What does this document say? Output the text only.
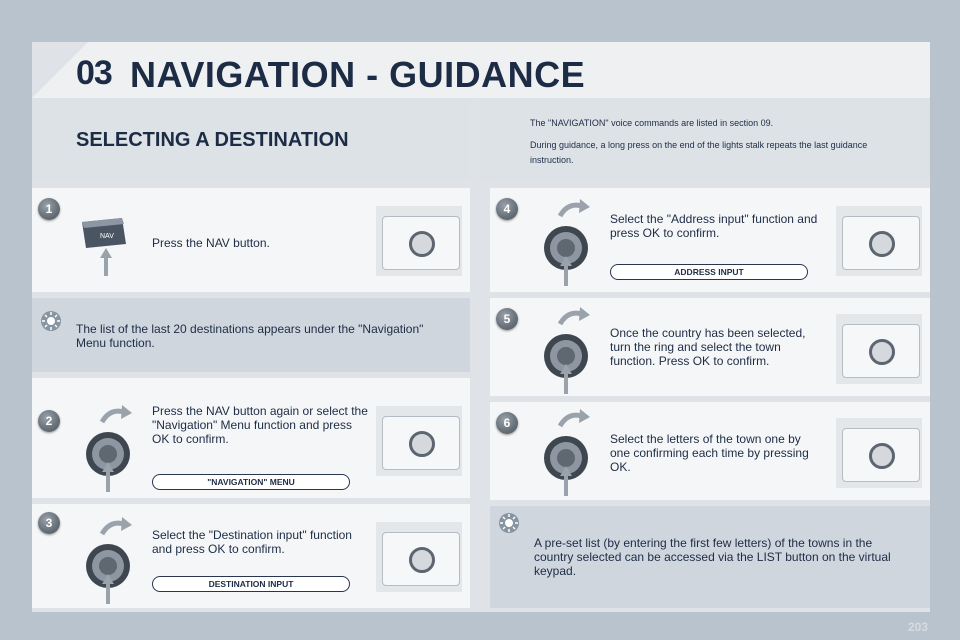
03 NAVIGATION - GUIDANCE
SELECTING A DESTINATION
The "NAVIGATION" voice commands are listed in section 09.
During guidance, a long press on the end of the lights stalk repeats the last guidance instruction.
1
NAV	Press the NAV button.
The list of the last 20 destinations appears under the "Navigation" Menu function.
2
Press the NAV button again or select the "Navigation" Menu function and press OK to confirm.
"NAVIGATION" MENU
3
Select the "Destination input" function and press OK to confirm.
DESTINATION INPUT
4
Select the "Address input" function and press OK to confirm.
ADDRESS INPUT
5
Once the country has been selected, turn the ring and select the town function. Press OK to confirm.
6
Select the letters of the town one by one confirming each time by pressing OK.
A pre-set list (by entering the first few letters) of the towns in the country selected can be accessed via the LIST button on the virtual keypad.
203
